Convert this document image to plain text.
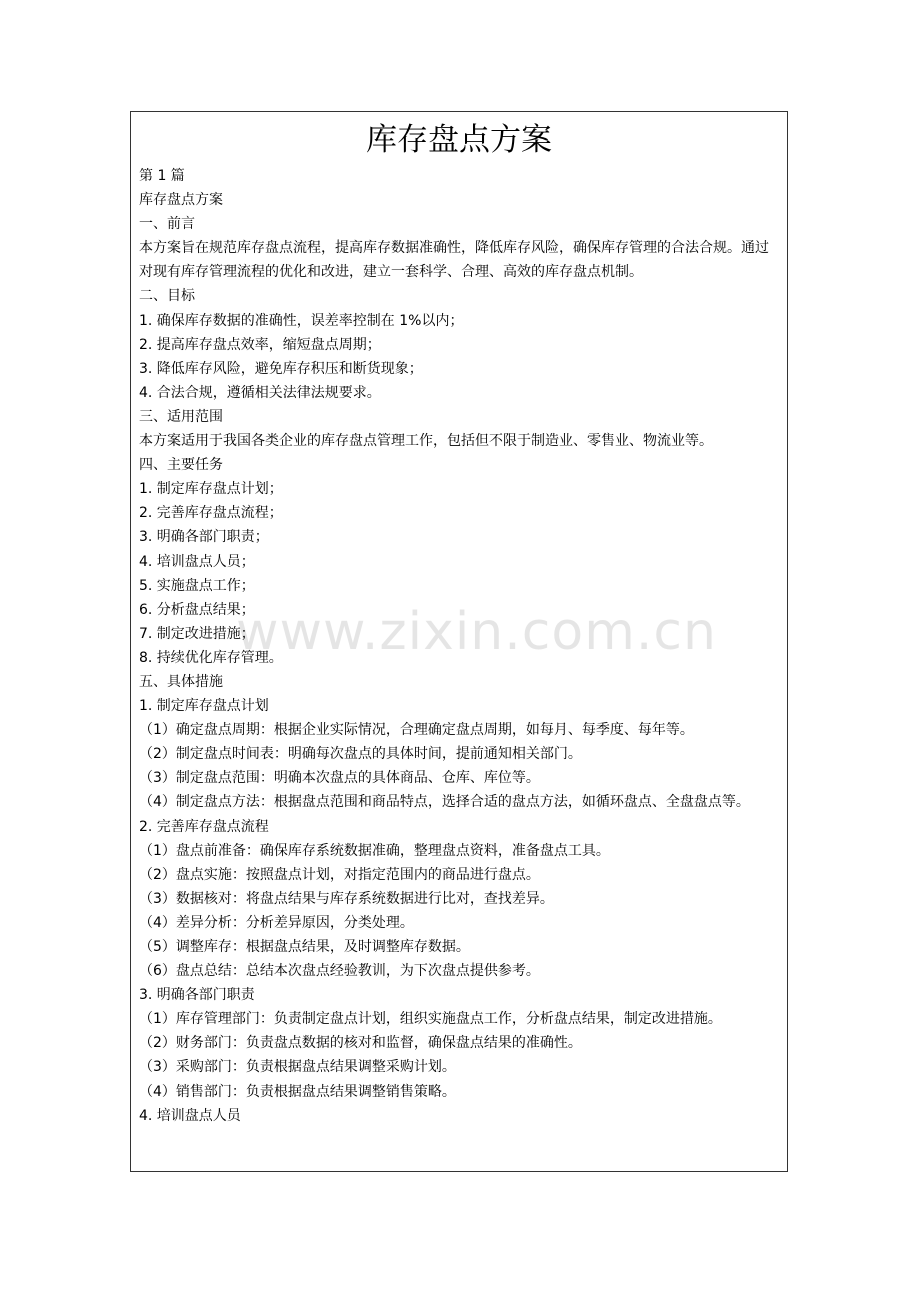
库存盘点方案

第 1 篇

库存盘点方案

一、前言

本方案旨在规范库存盘点流程，提高库存数据准确性，降低库存风险，确保库存管理的合法合规。通过对现有库存管理流程的优化和改进，建立一套科学、合理、高效的库存盘点机制。

二、目标

1. 确保库存数据的准确性，误差率控制在 1%以内；

2. 提高库存盘点效率，缩短盘点周期；

3. 降低库存风险，避免库存积压和断货现象；

4. 合法合规，遵循相关法律法规要求。

三、适用范围

本方案适用于我国各类企业的库存盘点管理工作，包括但不限于制造业、零售业、物流业等。

四、主要任务

1. 制定库存盘点计划；

2. 完善库存盘点流程；

3. 明确各部门职责；

4. 培训盘点人员；

5. 实施盘点工作；

6. 分析盘点结果；

7. 制定改进措施；

8. 持续优化库存管理。

五、具体措施

1. 制定库存盘点计划

（1）确定盘点周期：根据企业实际情况，合理确定盘点周期，如每月、每季度、每年等。

（2）制定盘点时间表：明确每次盘点的具体时间，提前通知相关部门。

（3）制定盘点范围：明确本次盘点的具体商品、仓库、库位等。

（4）制定盘点方法：根据盘点范围和商品特点，选择合适的盘点方法，如循环盘点、全盘盘点等。

2. 完善库存盘点流程

（1）盘点前准备：确保库存系统数据准确，整理盘点资料，准备盘点工具。

（2）盘点实施：按照盘点计划，对指定范围内的商品进行盘点。

（3）数据核对：将盘点结果与库存系统数据进行比对，查找差异。

（4）差异分析：分析差异原因，分类处理。

（5）调整库存：根据盘点结果，及时调整库存数据。

（6）盘点总结：总结本次盘点经验教训，为下次盘点提供参考。

3. 明确各部门职责

（1）库存管理部门：负责制定盘点计划，组织实施盘点工作，分析盘点结果，制定改进措施。

（2）财务部门：负责盘点数据的核对和监督，确保盘点结果的准确性。

（3）采购部门：负责根据盘点结果调整采购计划。

（4）销售部门：负责根据盘点结果调整销售策略。

4. 培训盘点人员

www.zixin.com.cn
